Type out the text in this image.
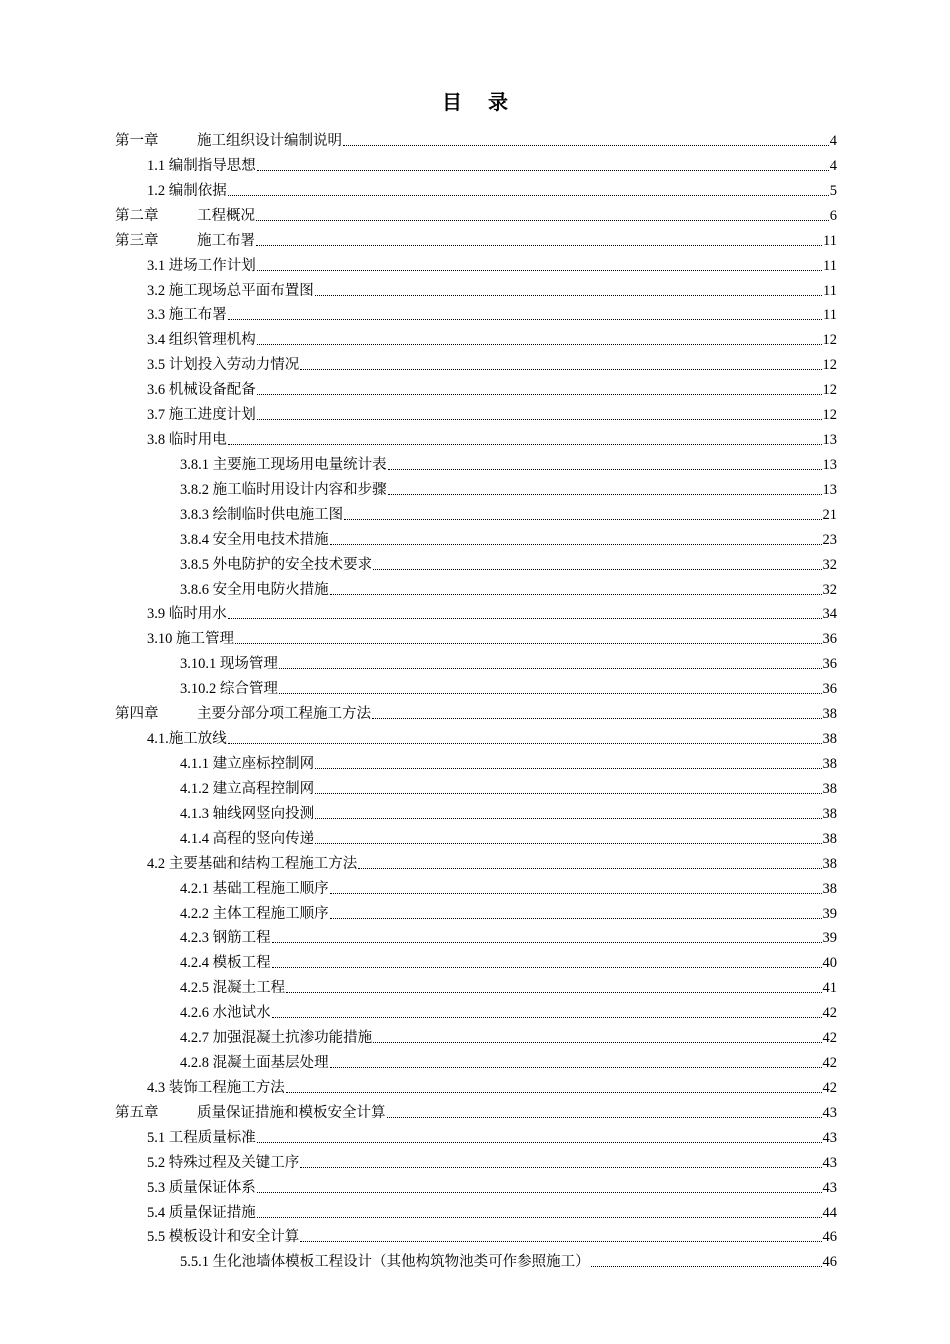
目录
第一章	施工组织设计编制说明	4
1.1 编制指导思想	4
1.2 编制依据	5
第二章	工程概况	6
第三章	施工布署	11
3.1 进场工作计划	11
3.2 施工现场总平面布置图	11
3.3 施工布署	11
3.4 组织管理机构	12
3.5 计划投入劳动力情况	12
3.6 机械设备配备	12
3.7 施工进度计划	12
3.8 临时用电	13
3.8.1 主要施工现场用电量统计表	13
3.8.2 施工临时用设计内容和步骤	13
3.8.3 绘制临时供电施工图	21
3.8.4 安全用电技术措施	23
3.8.5 外电防护的安全技术要求	32
3.8.6 安全用电防火措施	32
3.9 临时用水	34
3.10 施工管理	36
3.10.1 现场管理	36
3.10.2 综合管理	36
第四章	主要分部分项工程施工方法	38
4.1.施工放线	38
4.1.1 建立座标控制网	38
4.1.2 建立高程控制网	38
4.1.3 轴线网竖向投测	38
4.1.4 高程的竖向传递	38
4.2 主要基础和结构工程施工方法	38
4.2.1 基础工程施工顺序	38
4.2.2 主体工程施工顺序	39
4.2.3 钢筋工程	39
4.2.4 模板工程	40
4.2.5 混凝土工程	41
4.2.6 水池试水	42
4.2.7 加强混凝土抗渗功能措施	42
4.2.8 混凝土面基层处理	42
4.3 装饰工程施工方法	42
第五章	质量保证措施和模板安全计算	43
5.1 工程质量标准	43
5.2 特殊过程及关键工序	43
5.3 质量保证体系	43
5.4 质量保证措施	44
5.5 模板设计和安全计算	46
5.5.1 生化池墙体模板工程设计（其他构筑物池类可作参照施工）	46
